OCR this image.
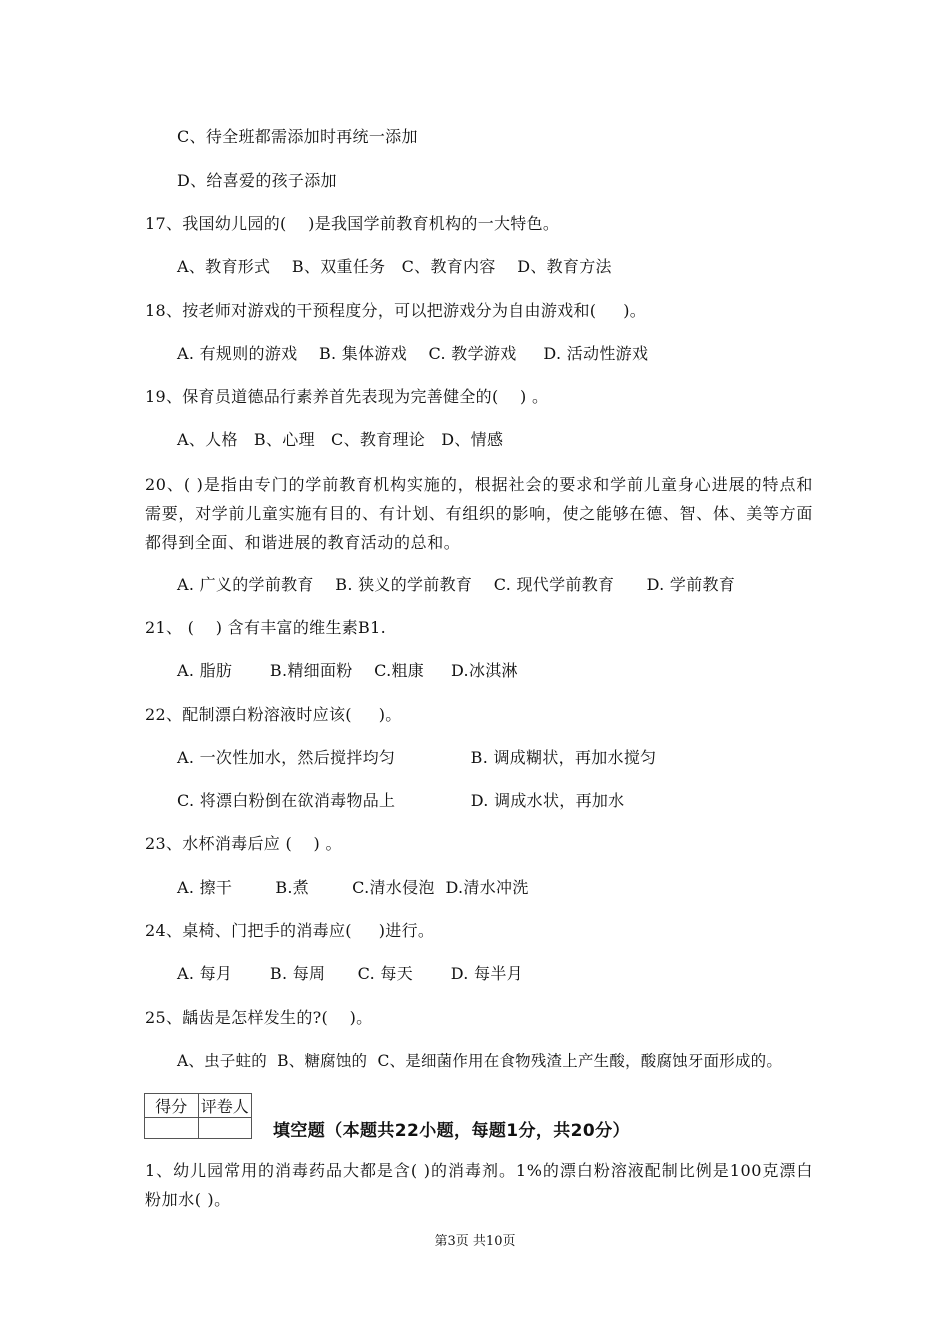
C、待全班都需添加时再统一添加
D、给喜爱的孩子添加
17、我国幼儿园的(    )是我国学前教育机构的一大特色。
A、教育形式    B、双重任务   C、教育内容    D、教育方法
18、按老师对游戏的干预程度分，可以把游戏分为自由游戏和(     )。
A. 有规则的游戏    B. 集体游戏    C. 教学游戏     D. 活动性游戏
19、保育员道德品行素养首先表现为完善健全的(    ) 。
A、人格   B、心理   C、教育理论   D、情感
20、( )是指由专门的学前教育机构实施的，根据社会的要求和学前儿童身心进展的特点和需要，对学前儿童实施有目的、有计划、有组织的影响，使之能够在德、智、体、美等方面都得到全面、和谐进展的教育活动的总和。
A. 广义的学前教育    B. 狭义的学前教育    C. 现代学前教育      D. 学前教育
21、 (    ) 含有丰富的维生素B1.
A. 脂肪       B.精细面粉    C.粗康     D.冰淇淋
22、配制漂白粉溶液时应该(     )。
A. 一次性加水，然后搅拌均匀              B. 调成糊状，再加水搅匀
C. 将漂白粉倒在欲消毒物品上              D. 调成水状，再加水
23、水杯消毒后应 (    ) 。
A. 擦干        B.煮        C.清水侵泡  D.清水冲洗
24、桌椅、门把手的消毒应(     )进行。
A. 每月       B. 每周      C. 每天       D. 每半月
25、龋齿是怎样发生的?(    )。
A、虫子蛀的  B、糖腐蚀的  C、是细菌作用在食物残渣上产生酸，酸腐蚀牙面形成的。
得分	评卷人

填空题（本题共22小题，每题1分，共20分）
1、幼儿园常用的消毒药品大都是含( )的消毒剂。1%的漂白粉溶液配制比例是100克漂白粉加水( )。
第3页 共10页
